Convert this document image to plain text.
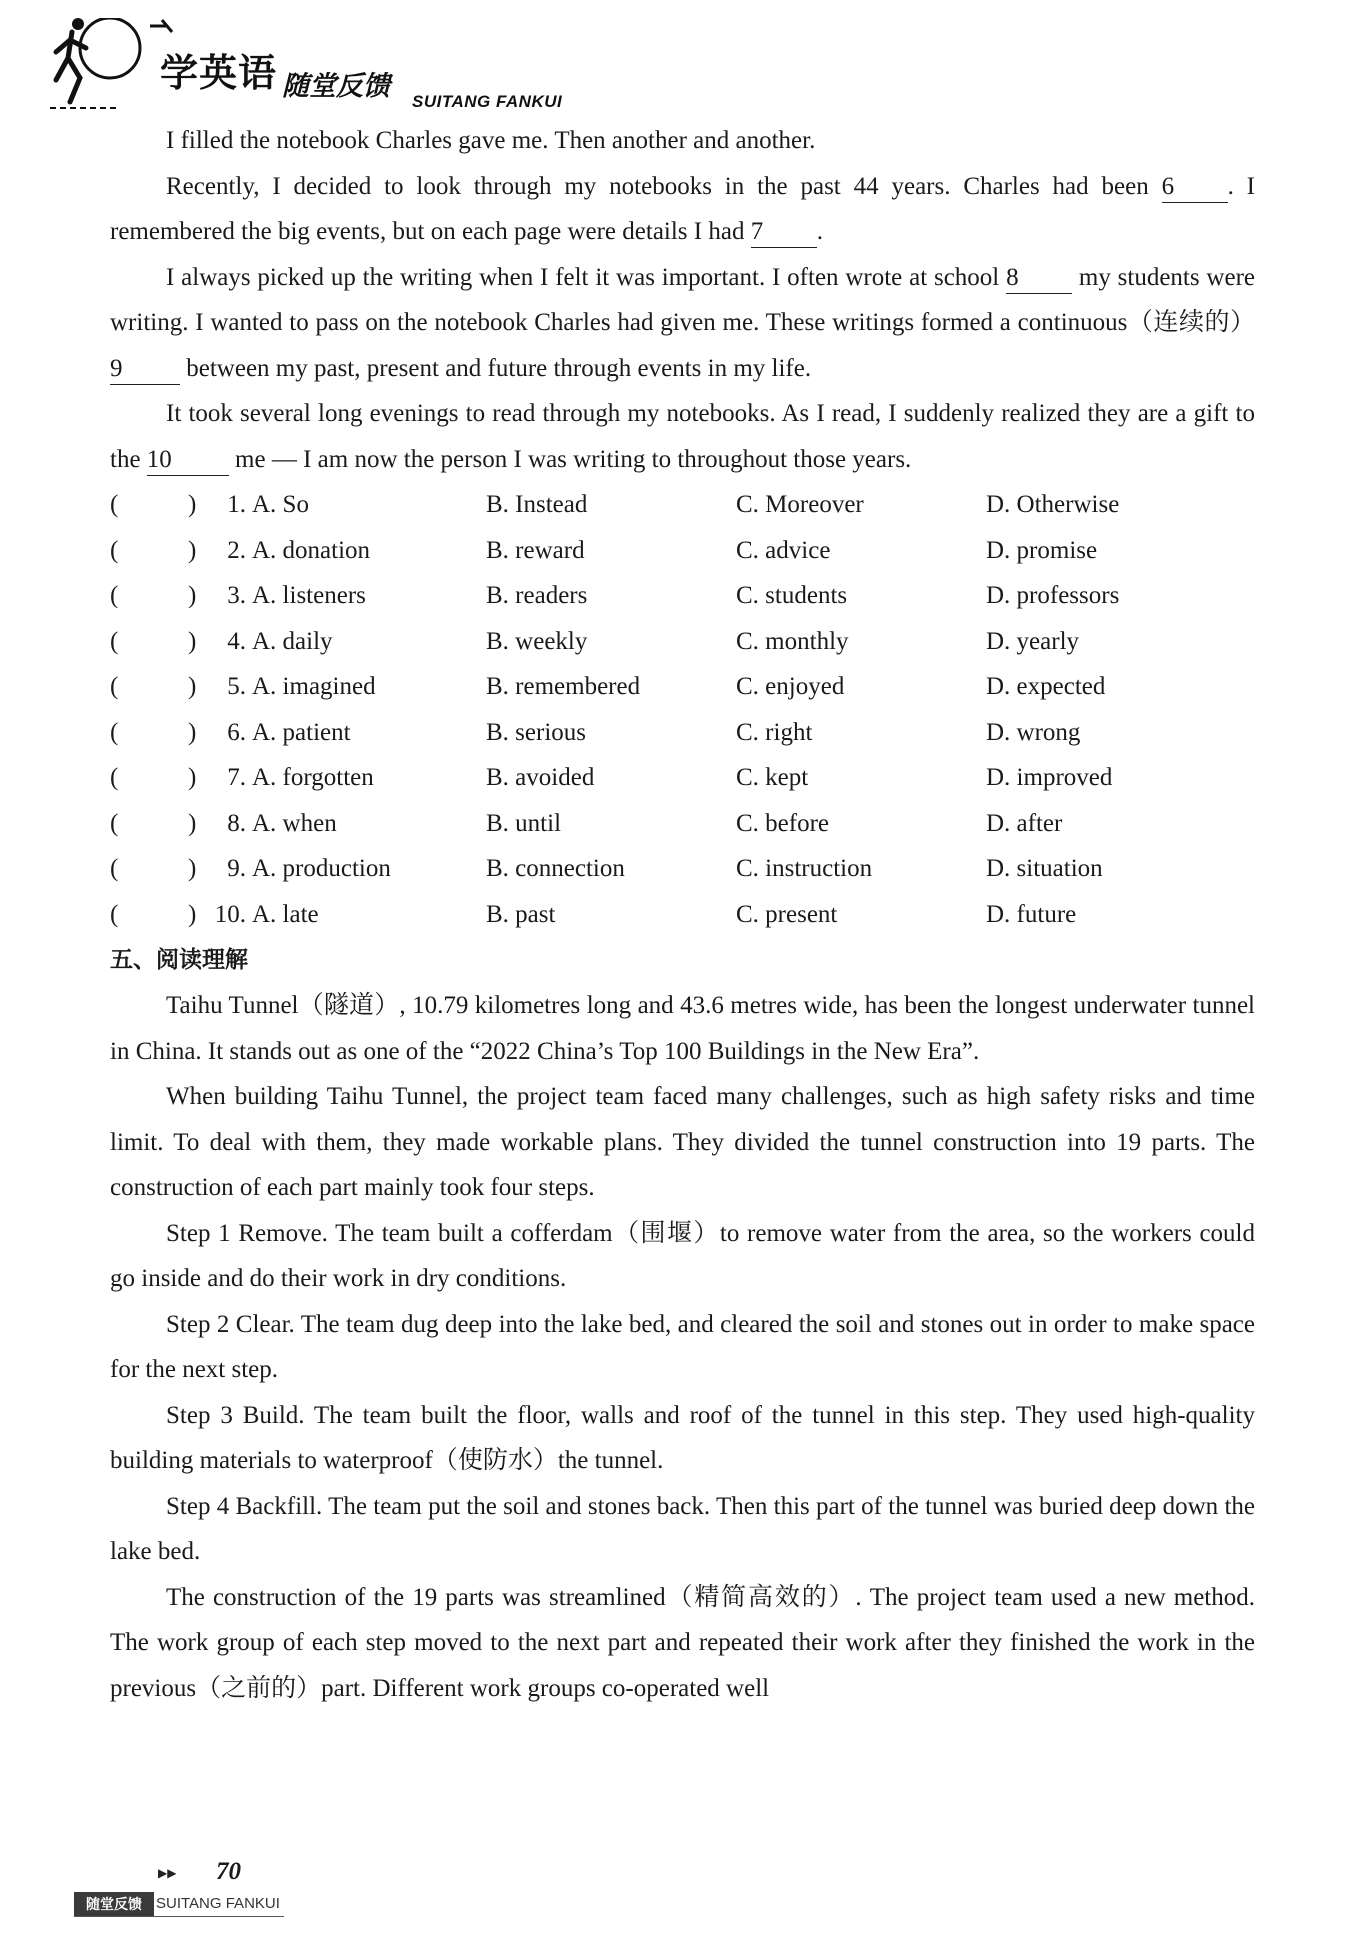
学英语 随堂反馈 SUITANG FANKUI

I filled the notebook Charles gave me. Then another and another.

Recently, I decided to look through my notebooks in the past 44 years. Charles had been 6 . I remembered the big events, but on each page were details I had 7 .

I always picked up the writing when I felt it was important. I often wrote at school 8 my students were writing. I wanted to pass on the notebook Charles had given me. These writings formed a continuous（连续的） 9	between my past, present and future through events in my life.

It took several long evenings to read through my notebooks. As I read, I suddenly realized they are a gift to the 10	me — I am now the person I was writing to throughout those years.

(	)	1. A. So	B. Instead	C. Moreover	D. Otherwise
(	)	2. A. donation	B. reward	C. advice	D. promise
(	)	3. A. listeners	B. readers	C. students	D. professors
(	)	4. A. daily	B. weekly	C. monthly	D. yearly
(	)	5. A. imagined	B. remembered	C. enjoyed	D. expected
(	)	6. A. patient	B. serious	C. right	D. wrong
(	)	7. A. forgotten	B. avoided	C. kept	D. improved
(	)	8. A. when	B. until	C. before	D. after
(	)	9. A. production	B. connection	C. instruction	D. situation
(	) 10. A. late	B. past	C. present	D. future

五、阅读理解

Taihu Tunnel（隧道）, 10.79 kilometres long and 43.6 metres wide, has been the longest underwater tunnel in China. It stands out as one of the “2022 China’s Top 100 Buildings in the New Era”.

When building Taihu Tunnel, the project team faced many challenges, such as high safety risks and time limit. To deal with them, they made workable plans. They divided the tunnel construction into 19 parts. The construction of each part mainly took four steps.

Step 1 Remove. The team built a cofferdam（围堰）to remove water from the area, so the workers could go inside and do their work in dry conditions.

Step 2 Clear. The team dug deep into the lake bed, and cleared the soil and stones out in order to make space for the next step.

Step 3 Build. The team built the floor, walls and roof of the tunnel in this step. They used high-quality building materials to waterproof（使防水）the tunnel.

Step 4 Backfill. The team put the soil and stones back. Then this part of the tunnel was buried deep down the lake bed.

The construction of the 19 parts was streamlined（精简高效的）. The project team used a new method. The work group of each step moved to the next part and repeated their work after they finished the work in the previous（之前的）part. Different work groups co-operated well

▶▶ 70
随堂反馈 SUITANG FANKUI
